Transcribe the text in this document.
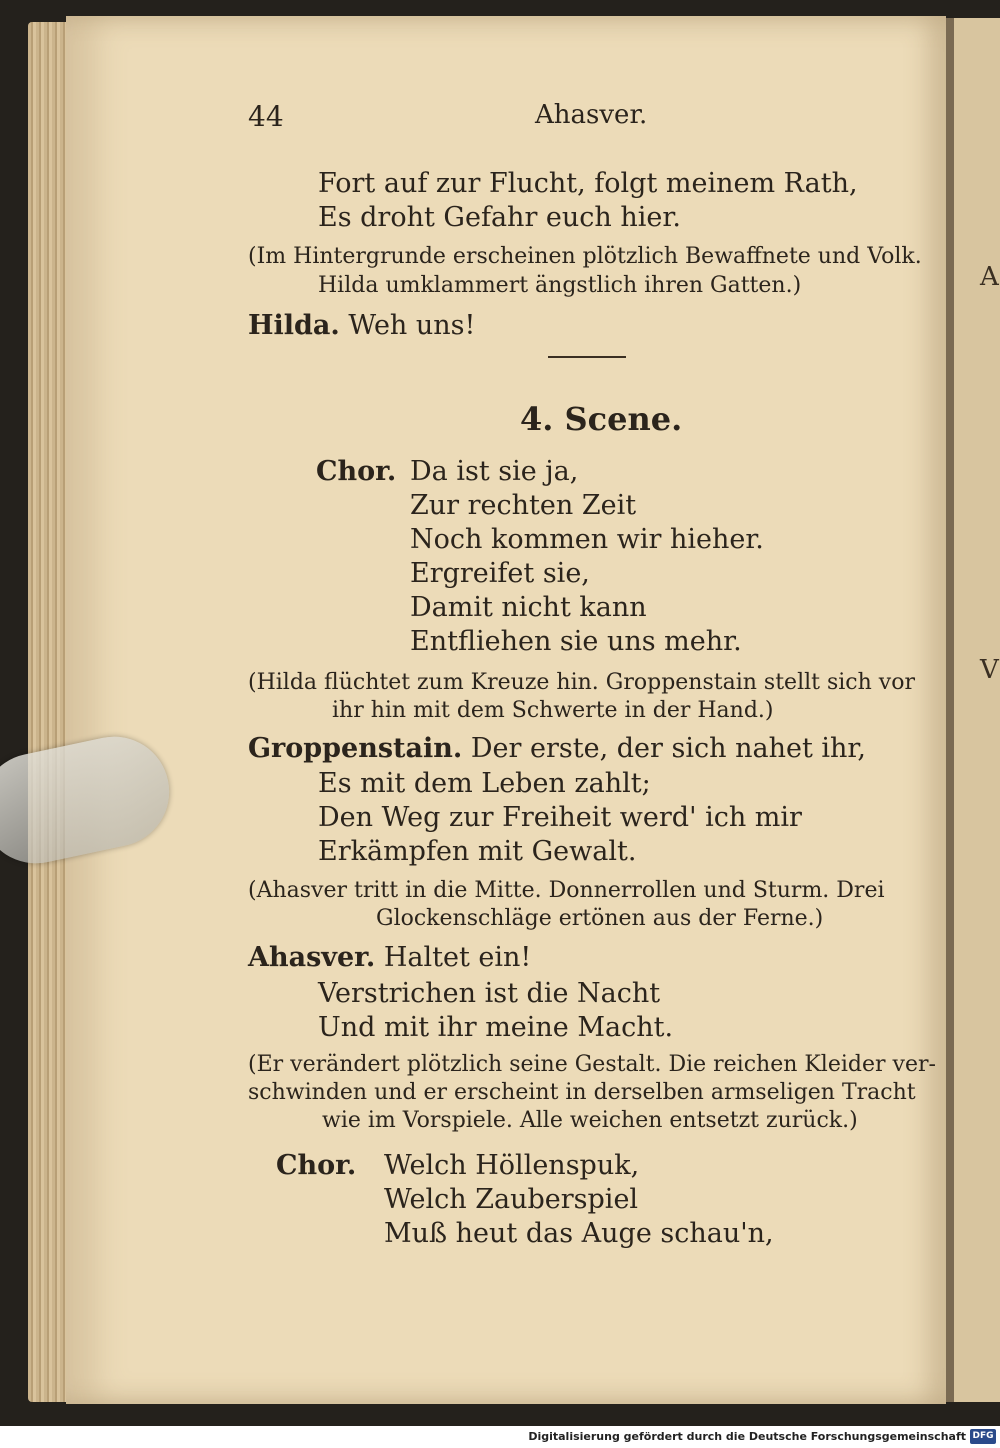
A
V
44	Ahasver.
Fort auf zur Flucht, folgt meinem Rath,
Es droht Gefahr euch hier.
(Im Hintergrunde erscheinen plötzlich Bewaffnete und Volk.
Hilda umklammert ängstlich ihren Gatten.)
Hilda. Weh uns!
4. Scene.
Chor. Da ist sie ja,
Zur rechten Zeit
Noch kommen wir hieher.
Ergreifet sie,
Damit nicht kann
Entfliehen sie uns mehr.
(Hilda flüchtet zum Kreuze hin. Groppenstain stellt sich vor
ihr hin mit dem Schwerte in der Hand.)
Groppenstain. Der erste, der sich nahet ihr,
Es mit dem Leben zahlt;
Den Weg zur Freiheit werd' ich mir
Erkämpfen mit Gewalt.
(Ahasver tritt in die Mitte. Donnerrollen und Sturm. Drei
Glockenschläge ertönen aus der Ferne.)
Ahasver. Haltet ein!
Verstrichen ist die Nacht
Und mit ihr meine Macht.
(Er verändert plötzlich seine Gestalt. Die reichen Kleider ver-
schwinden und er erscheint in derselben armseligen Tracht
wie im Vorspiele. Alle weichen entsetzt zurück.)
Chor. Welch Höllenspuk,
Welch Zauberspiel
Muß heut das Auge schau'n,
Digitalisierung gefördert durch die Deutsche Forschungsgemeinschaft DFG
